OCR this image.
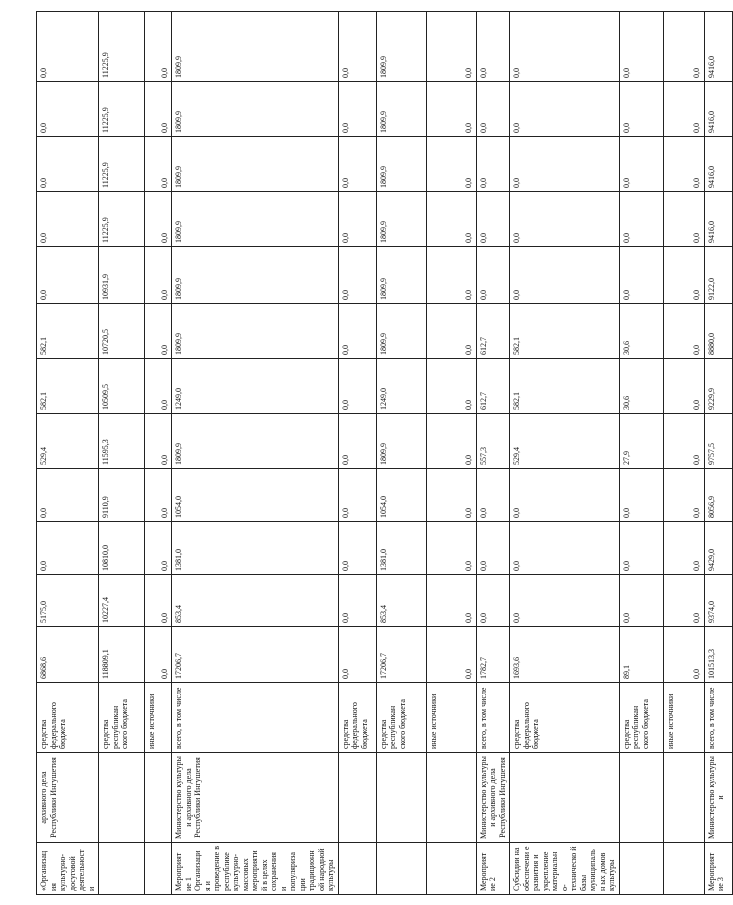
«Организац ия культурно- досуговой деятельност и	архивного дела Республики Ингушетия	средства федерального бюджета	6868,6	5175,0	0,0	0,0	529,4	582,1	582,1	0,0	0,0	0,0	0,0	0,0
		средства республикан ского бюджета	118809,1	10227,4	10810,0	9110,9	11595,3	10509,5	10720,5	10931,9	11225,9	11225,9	11225,9	11225,9
		иные источники	0,0	0,0	0,0	0,0	0,0	0,0	0,0	0,0	0,0	0,0	0,0	0,0
Мероприят ие 1 Организаци я и проведение в республике культурно- массовых мероприяти й в целях сохранения и популяриза ции традиционн ой народной культуры	Министерство культуры и архивного дела Республики Ингушетия	всего, в том числе	17206,7	853,4	1381,0	1054,0	1809,9	1249,0	1809,9	1809,9	1809,9	1809,9	1809,9	1809,9
		средства федерального бюджета	0,0	0,0	0,0	0,0	0,0	0,0	0,0	0,0	0,0	0,0	0,0	0,0
		средства республикан ского бюджета	17206,7	853,4	1381,0	1054,0	1809,9	1249,0	1809,9	1809,9	1809,9	1809,9	1809,9	1809,9
		иные источники	0,0	0,0	0,0	0,0	0,0	0,0	0,0	0,0	0,0	0,0	0,0	0,0
Мероприят ие 2	Министерство культуры и архивного дела Республики Ингушетия	всего, в том числе	1782,7	0,0	0,0	0,0	557,3	612,7	612,7	0,0	0,0	0,0	0,0	0,0
Субсидии на обеспечени е развития и укрепление материальн о- техническо й базы муниципальн ых домов культуры		средства федерального бюджета	1693,6	0,0	0,0	0,0	529,4	582,1	582,1	0,0	0,0	0,0	0,0	0,0
		средства республикан ского бюджета	89,1	0,0	0,0	0,0	27,9	30,6	30,6	0,0	0,0	0,0	0,0	0,0
		иные источники	0,0	0,0	0,0	0,0	0,0	0,0	0,0	0,0	0,0	0,0	0,0	0,0
Мероприят ие 3	Министерство культуры и	всего, в том числе	101513,3	9374,0	9429,0	8056,9	9757,5	9229,9	8880,0	9122,0	9416,0	9416,0	9416,0	9416,0
